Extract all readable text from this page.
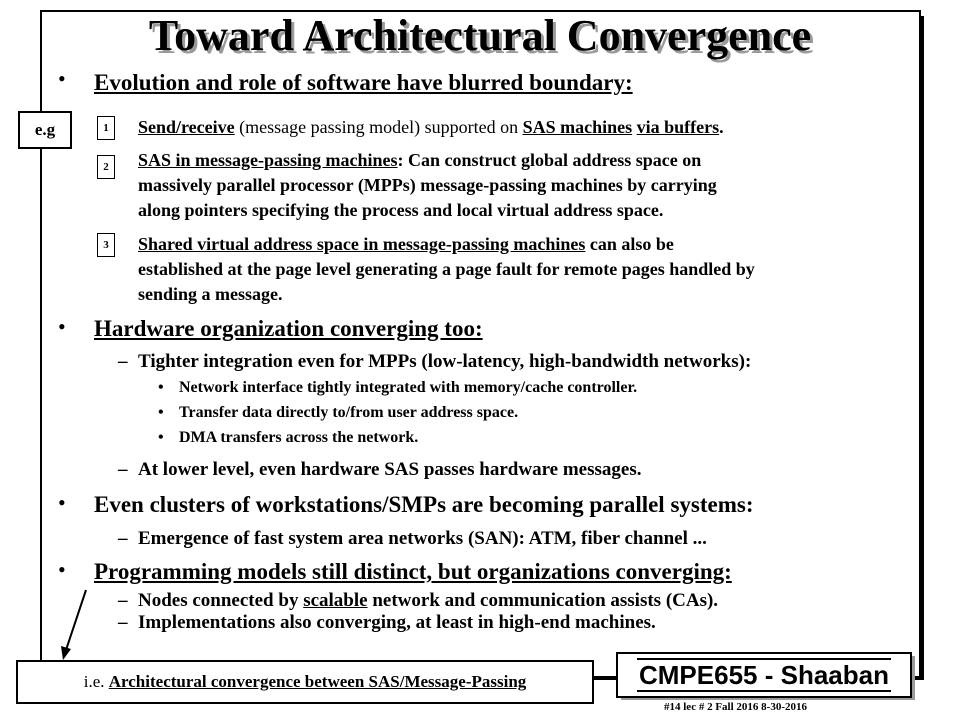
Toward Architectural Convergence
• Evolution and role of software have blurred boundary:
e.g	1	Send/receive (message passing model) supported on SAS machines via buffers.
2	SAS in message-passing machines: Can construct global address space on
massively parallel processor (MPPs) message-passing machines by carrying
along pointers specifying the process and local virtual address space.
3	Shared virtual address space in message-passing machines can also be
established at the page level generating a page fault for remote pages handled by
sending a message.
• Hardware organization converging too:
– Tighter integration even for MPPs (low-latency, high-bandwidth networks):
• Network interface tightly integrated with memory/cache controller.
• Transfer data directly to/from user address space.
• DMA transfers across the network.
– At lower level, even hardware SAS passes hardware messages.
• Even clusters of workstations/SMPs are becoming parallel systems:
– Emergence of fast system area networks (SAN): ATM, fiber channel ...
• Programming models still distinct, but organizations converging:
– Nodes connected by scalable network and communication assists (CAs).
– Implementations also converging, at least in high-end machines.
i.e. Architectural convergence between SAS/Message-Passing	CMPE655 - Shaaban
#14 lec # 2 Fall 2016 8-30-2016
